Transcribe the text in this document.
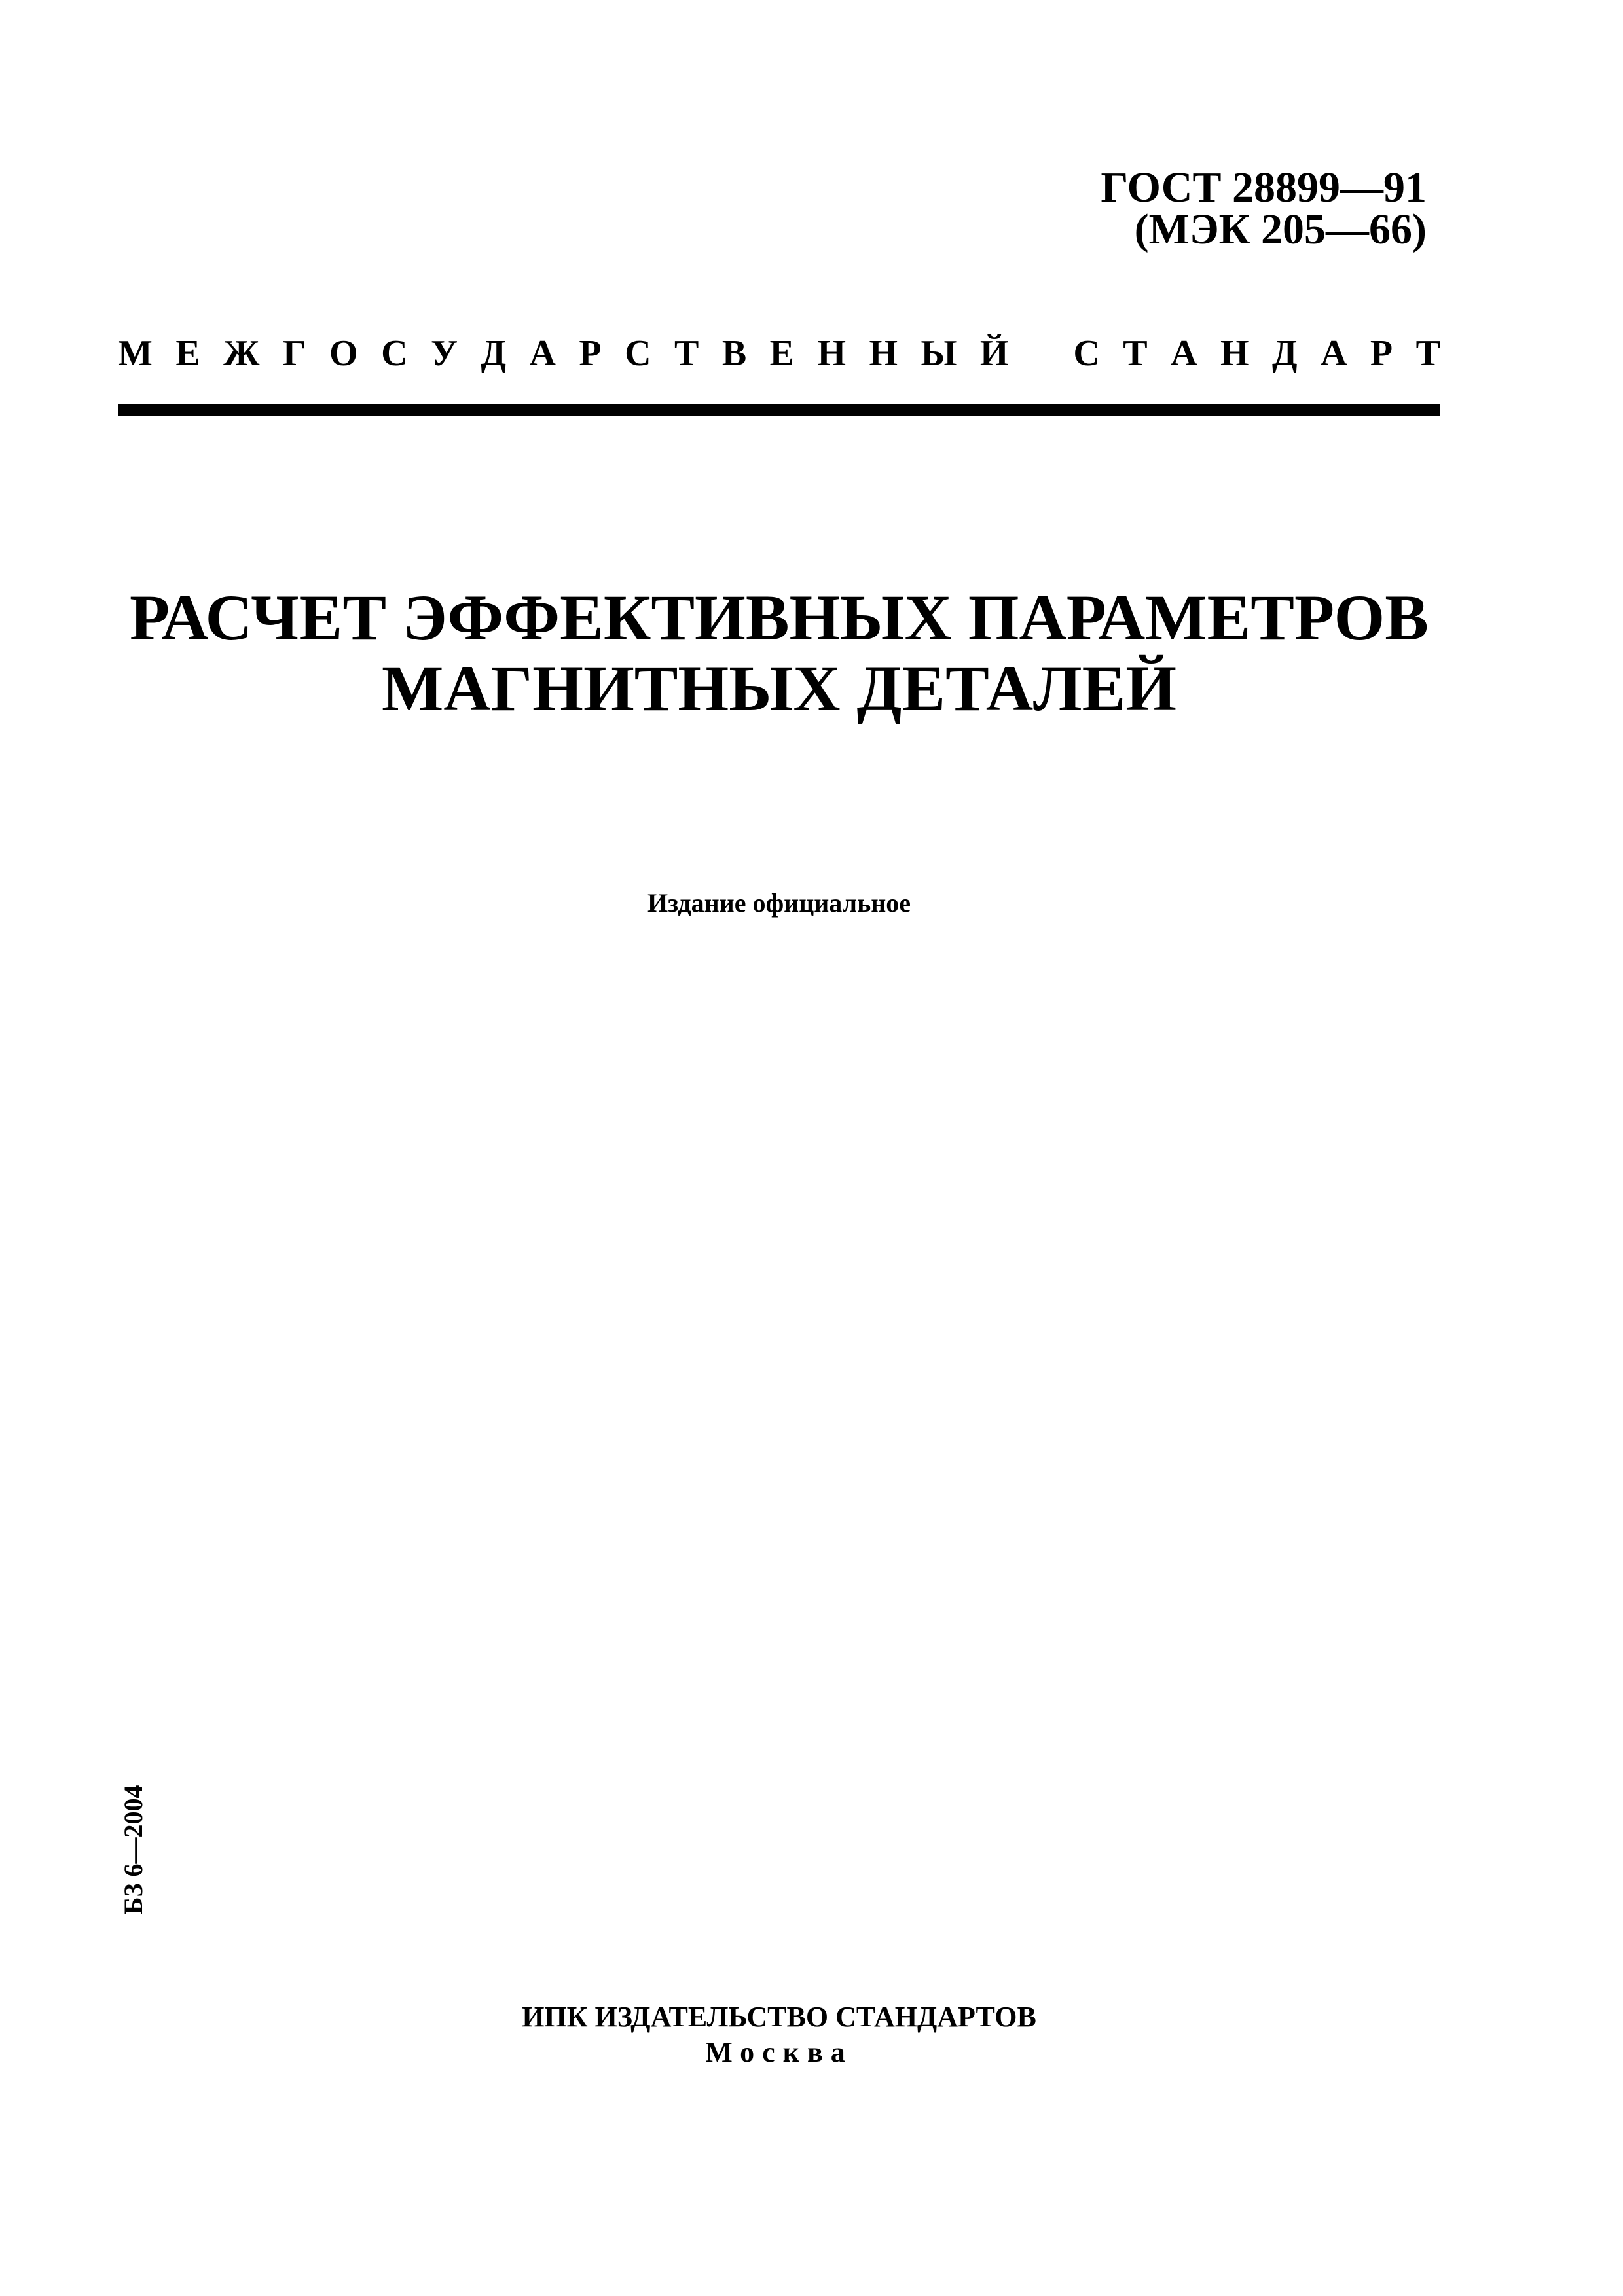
ГОСТ 28899—91
(МЭК 205—66)
М Е Ж Г О С У Д А Р С Т В Е Н Н Ы Й
С Т А Н Д А Р Т
РАСЧЕТ ЭФФЕКТИВНЫХ ПАРАМЕТРОВ
МАГНИТНЫХ ДЕТАЛЕЙ
Издание официальное
БЗ 6—2004
ИПК ИЗДАТЕЛЬСТВО СТАНДАРТОВ
Москва
